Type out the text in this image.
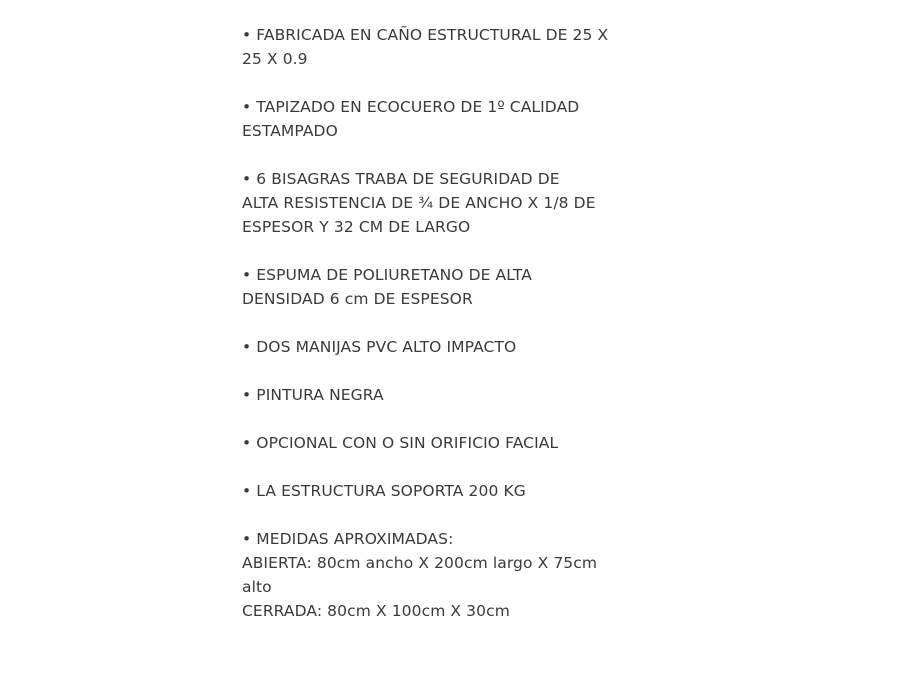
• FABRICADA EN CAÑO ESTRUCTURAL DE 25 X
25 X 0.9
• TAPIZADO EN ECOCUERO DE 1º CALIDAD
ESTAMPADO
• 6 BISAGRAS TRABA DE SEGURIDAD DE
ALTA RESISTENCIA DE ¾ DE ANCHO X 1/8 DE
ESPESOR Y 32 CM DE LARGO
• ESPUMA DE POLIURETANO DE ALTA
DENSIDAD 6 cm DE ESPESOR
• DOS MANIJAS PVC ALTO IMPACTO
• PINTURA NEGRA
• OPCIONAL CON O SIN ORIFICIO FACIAL
• LA ESTRUCTURA SOPORTA 200 KG
• MEDIDAS APROXIMADAS:
ABIERTA: 80cm ancho X 200cm largo X 75cm
alto
CERRADA: 80cm X 100cm X 30cm
